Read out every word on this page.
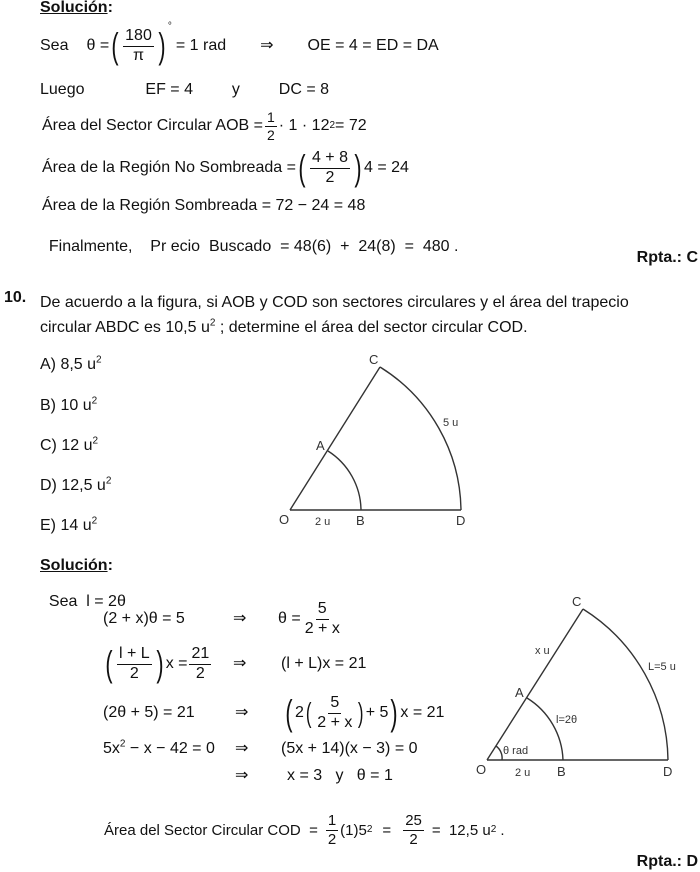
Solución:
Sea θ = ( $\frac{180}{\pi}$ ) °
= 1 rad ⇒ OE = 4 = ED = DA
Luego	EF = 4 y DC = 8
Área del Sector Circular AOB = $\frac{1}{2} \cdot 1 \cdot 12$ 2 = 72
Área de la Región No Sombreada = ( $\frac{4 + 8}{2}$ ) 4 = 24
Área de la Región Sombreada = 72 − 24 = 48

Finalmente,    Pr ecio  Buscado  = 48(6)  +  24(8)  =  480 .

Rpta.: C
10. De acuerdo a la figura, si AOB y COD son sectores circulares y el área del trapecio
circular ABDC es 10,5 $u^2$ ; determine el área del sector circular COD.
A) 8,5 $u^2$
B) 10 $u^2$
C) 12 $u^2$
D) 12,5 $u^2$
E) 14 $u^2$
C
A
O	B	D
5 u
2 u
Solución:

Sea  l = 2θ

(2 + x)θ = 5	⇒	$\theta = \frac{5}{2 + x}$
( $\frac{l + L}{2}$ ) $x = \frac{21}{2}$ ⇒	(l + L)x = 21
(2θ + 5) = 21	⇒	( 2 ( $\frac{5}{2 + x}$ ) + 5 ) x = 21
$5x^2 - x - 42 = 0$	⇒	(5x + 14)(x − 3) = 0
⇒	x = 3   y   θ = 1
C
A
O	B	D
x u
L=5 u
l=2θ
θ rad
2 u
Área del Sector Circular COD  = $\frac{1}{2} (1)5$ $2 = \frac{25}{2} = 12,5$ u 2 .
Rpta.: D
